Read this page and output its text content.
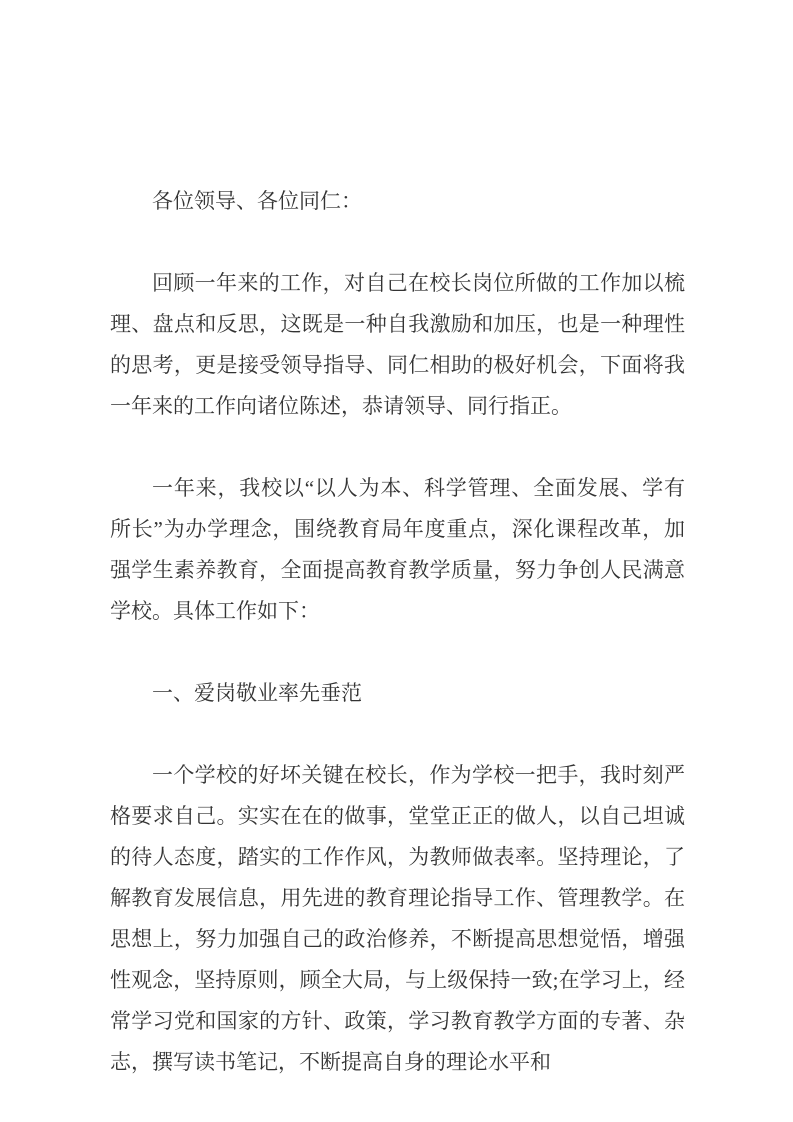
各位领导、各位同仁：

回顾一年来的工作，对自己在校长岗位所做的工作加以梳理、盘点和反思，这既是一种自我激励和加压，也是一种理性的思考，更是接受领导指导、同仁相助的极好机会，下面将我一年来的工作向诸位陈述，恭请领导、同行指正。

一年来，我校以“以人为本、科学管理、全面发展、学有所长”为办学理念，围绕教育局年度重点，深化课程改革，加强学生素养教育，全面提高教育教学质量，努力争创人民满意学校。具体工作如下：

一、爱岗敬业率先垂范

一个学校的好坏关键在校长，作为学校一把手，我时刻严格要求自己。实实在在的做事，堂堂正正的做人，以自己坦诚的待人态度，踏实的工作作风，为教师做表率。坚持理论，了解教育发展信息，用先进的教育理论指导工作、管理教学。在思想上，努力加强自己的政治修养，不断提高思想觉悟，增强性观念，坚持原则，顾全大局，与上级保持一致;在学习上，经常学习党和国家的方针、政策，学习教育教学方面的专著、杂志，撰写读书笔记，不断提高自身的理论水平和
